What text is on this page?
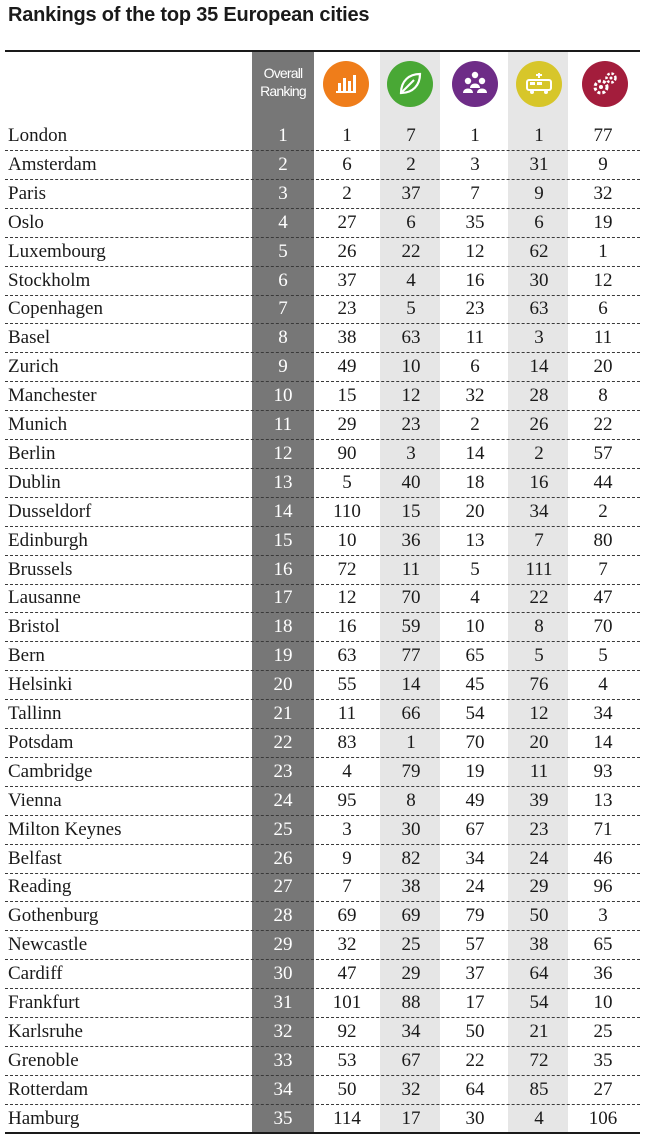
Rankings of the top 35 European cities
Overall
Ranking
London	1	1	7	1	1	77
Amsterdam	2	6	2	3	31	9
Paris	3	2	37	7	9	32
Oslo	4	27	6	35	6	19
Luxembourg	5	26	22	12	62	1
Stockholm	6	37	4	16	30	12
Copenhagen	7	23	5	23	63	6
Basel	8	38	63	11	3	11
Zurich	9	49	10	6	14	20
Manchester	10	15	12	32	28	8
Munich	11	29	23	2	26	22
Berlin	12	90	3	14	2	57
Dublin	13	5	40	18	16	44
Dusseldorf	14	110	15	20	34	2
Edinburgh	15	10	36	13	7	80
Brussels	16	72	11	5	111	7
Lausanne	17	12	70	4	22	47
Bristol	18	16	59	10	8	70
Bern	19	63	77	65	5	5
Helsinki	20	55	14	45	76	4
Tallinn	21	11	66	54	12	34
Potsdam	22	83	1	70	20	14
Cambridge	23	4	79	19	11	93
Vienna	24	95	8	49	39	13
Milton Keynes	25	3	30	67	23	71
Belfast	26	9	82	34	24	46
Reading	27	7	38	24	29	96
Gothenburg	28	69	69	79	50	3
Newcastle	29	32	25	57	38	65
Cardiff	30	47	29	37	64	36
Frankfurt	31	101	88	17	54	10
Karlsruhe	32	92	34	50	21	25
Grenoble	33	53	67	22	72	35
Rotterdam	34	50	32	64	85	27
Hamburg	35	114	17	30	4	106
